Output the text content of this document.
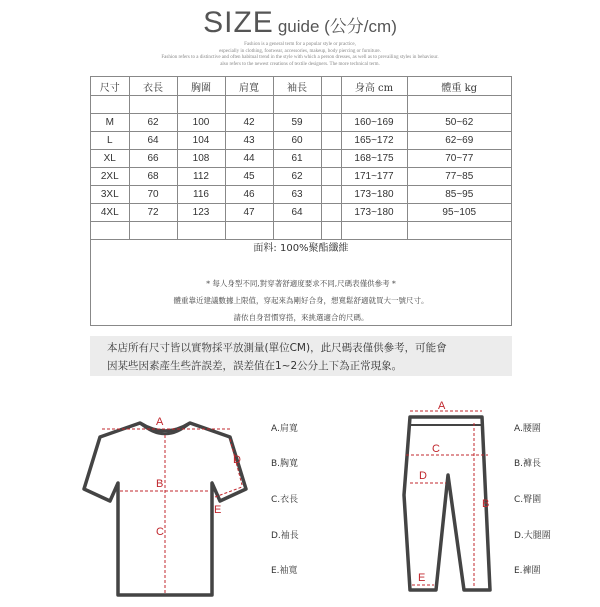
SIZE guide (公分/cm)
Fashion is a general term for a popular style or practice,
especially in clothing, footwear, accessories, makeup, body piercing or furniture.
Fashion refers to a distinctive and often habitual trend in the style with which a person dresses, as well as to prevailing styles in behaviour.
also refers to the newest creations of textile designers. The more technical term.
尺寸	衣長	胸圍	肩寬	袖長		身高 cm	體重 kg

M	62	100	42	59		160~169	50~62
L	64	104	43	60		165~172	62~69
XL	66	108	44	61		168~175	70~77
2XL	68	112	45	62		171~177	77~85
3XL	70	116	46	63		173~180	85~95
4XL	72	123	47	64		173~180	95~105

面料: 100%聚酯纖維
* 每人身型不同,對穿著舒適度要求不同,尺碼表僅供參考 *
體重靠近建議數據上限值，穿起來為剛好合身，想寬鬆舒適就買大一號尺寸。
請依自身習慣穿搭，來挑選適合的尺碼。
本店所有尺寸皆以實物採平放測量(單位CM)，此尺碼表僅供參考，可能會
因某些因素產生些許誤差，誤差值在1~2公分上下為正常現象。
A
B
C
D
E
A.肩寬
B.胸寬
C.衣長
D.袖長
E.袖寬
A
B
C
D
E
A.腰圍
B.褲長
C.臀圍
D.大腿圍
E.褲圍
